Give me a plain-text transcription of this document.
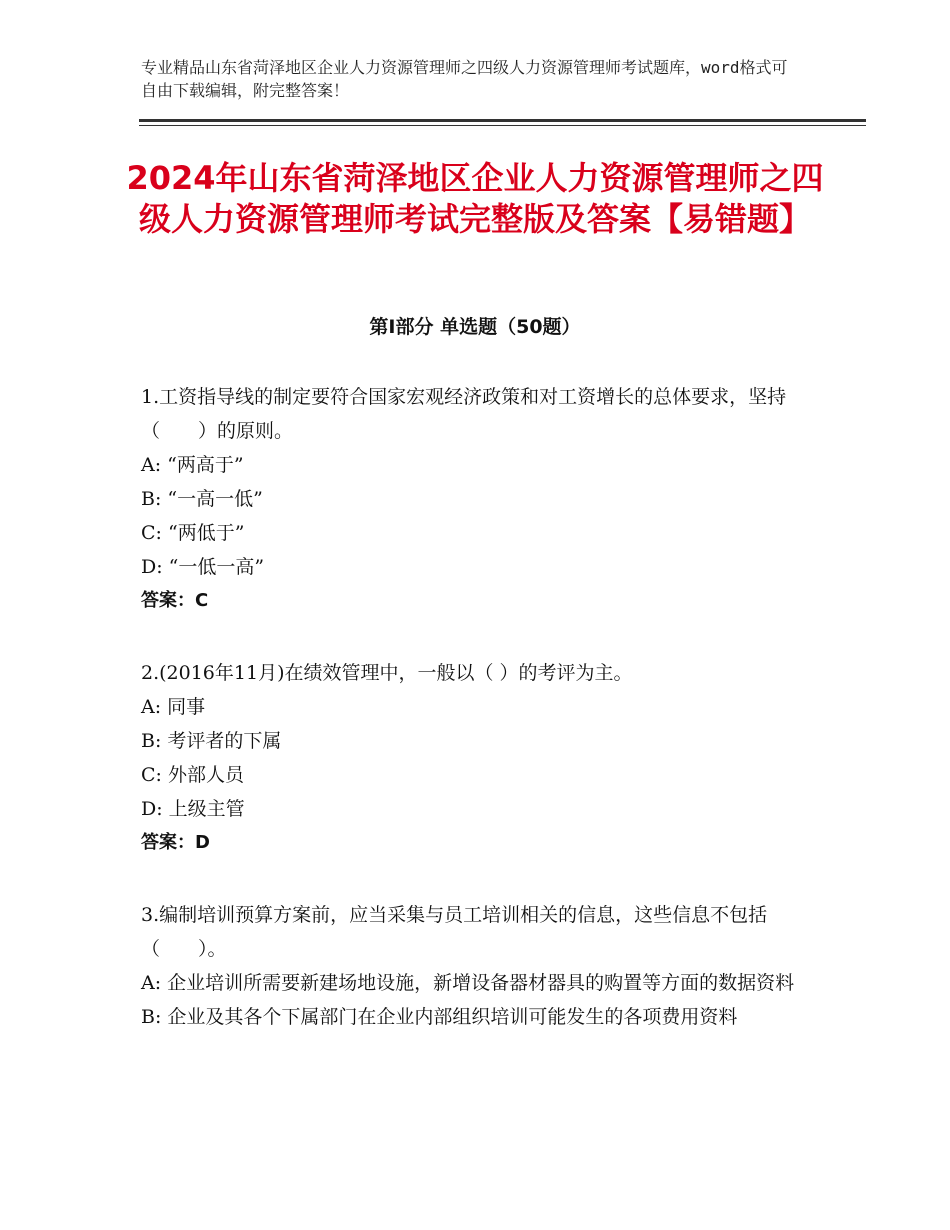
专业精品山东省菏泽地区企业人力资源管理师之四级人力资源管理师考试题库，word格式可自由下载编辑，附完整答案！
2024年山东省菏泽地区企业人力资源管理师之四级人力资源管理师考试完整版及答案【易错题】
第Ⅰ部分 单选题（50题）

1.工资指导线的制定要符合国家宏观经济政策和对工资增长的总体要求，坚持（　　）的原则。

A: “两高于”

B: “一高一低”

C: “两低于”

D: “一低一高”

答案：C

2.(2016年11月)在绩效管理中，一般以（ ）的考评为主。

A: 同事

B: 考评者的下属

C: 外部人员

D: 上级主管

答案：D

3.编制培训预算方案前，应当采集与员工培训相关的信息，这些信息不包括（　　）。

A: 企业培训所需要新建场地设施，新增设备器材器具的购置等方面的数据资料

B: 企业及其各个下属部门在企业内部组织培训可能发生的各项费用资料
